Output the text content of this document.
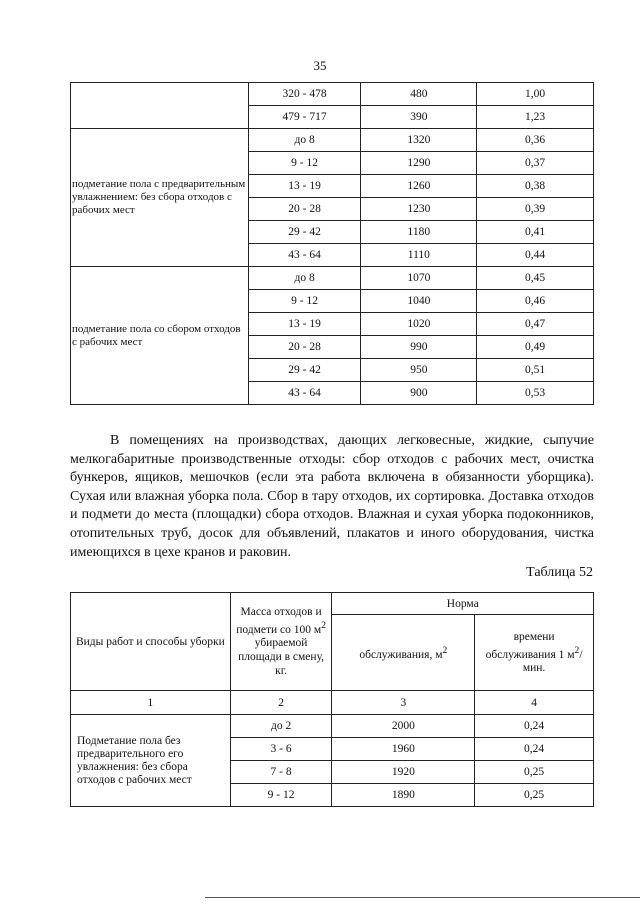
35
	320 - 478	480	1,00
	479 - 717	390	1,23
подметание пола с предварительным увлажнением: без сбора отходов с рабочих мест	до 8	1320	0,36
	9 - 12	1290	0,37
	13 - 19	1260	0,38
	20 - 28	1230	0,39
	29 - 42	1180	0,41
	43 - 64	1110	0,44
подметание пола со сбором отходов с рабочих мест	до 8	1070	0,45
	9 - 12	1040	0,46
	13 - 19	1020	0,47
	20 - 28	990	0,49
	29 - 42	950	0,51
	43 - 64	900	0,53

В помещениях на производствах, дающих легковесные, жидкие, сыпучие мелкогабаритные производственные отходы: сбор отходов с рабочих мест, очистка бункеров, ящиков, мешочков (если эта работа включена в обязанности уборщика). Сухая или влажная уборка пола. Сбор в тару отходов, их сортировка. Доставка отходов и подмети до места (площадки) сбора отходов. Влажная и сухая уборка подоконников, отопительных труб, досок для объявлений, плакатов и иного оборудования, чистка имеющихся в цехе кранов и раковин.

Таблица 52
Виды работ и способы уборки	Масса отходов и подмети со 100 $м^2$ убираемой площади в смену, кг.	Норма	
		обслуживания, $м^2$	времени обслуживания 1 $м^2$/мин.
1	2	3	4
Подметание пола без предварительного его увлажнения: без сбора отходов с рабочих мест	до 2	2000	0,24
	3 - 6	1960	0,24
	7 - 8	1920	0,25
	9 - 12	1890	0,25
